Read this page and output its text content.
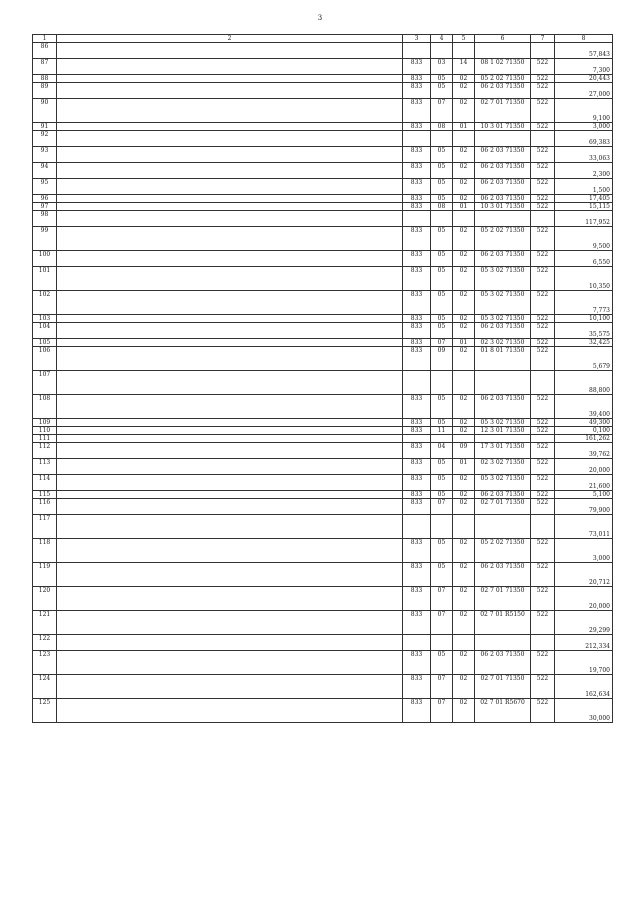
3
1	2	3	4	5	6	7	8
86							57,843
87		833	03	14	08 1 02 71350	522	7,300
88		833	05	02	05 2 02 71350	522	20,443
89		833	05	02	06 2 03 71350	522	27,000
90		833	07	02	02 7 01 71350	522	9,100
91		833	08	01	10 3 01 71350	522	3,000
92							69,383
93		833	05	02	06 2 03 71350	522	33,063
94		833	05	02	06 2 03 71350	522	2,300
95		833	05	02	06 2 03 71350	522	1,500
96		833	05	02	06 2 03 71350	522	17,405
97		833	08	01	10 3 01 71350	522	15,115
98							117,952
99		833	05	02	05 2 02 71350	522	9,500
100		833	05	02	06 2 03 71350	522	6,550
101		833	05	02	05 3 02 71350	522	10,350
102		833	05	02	05 3 02 71350	522	7,773
103		833	05	02	05 3 02 71350	522	10,100
104		833	05	02	06 2 03 71350	522	35,575
105		833	07	01	02 3 02 71350	522	32,425
106		833	09	02	01 8 01 71350	522	5,679
107							88,800
108		833	05	02	06 2 03 71350	522	39,400
109		833	05	02	05 3 02 71350	522	49,300
110		833	11	02	12 3 01 71350	522	0,100
111							161,262
112		833	04	09	17 3 01 71350	522	39,762
113		833	05	01	02 3 02 71350	522	20,000
114		833	05	02	05 3 02 71350	522	21,600
115		833	05	02	06 2 03 71350	522	5,100
116		833	07	02	02 7 01 71350	522	79,900
117							73,011
118		833	05	02	05 2 02 71350	522	3,000
119		833	05	02	06 2 03 71350	522	20,712
120		833	07	02	02 7 01 71350	522	20,000
121		833	07	02	02 7 01 R5150	522	29,299
122							212,334
123		833	05	02	06 2 03 71350	522	19,700
124		833	07	02	02 7 01 71350	522	162,634
125		833	07	02	02 7 01 R5670	522	30,000
